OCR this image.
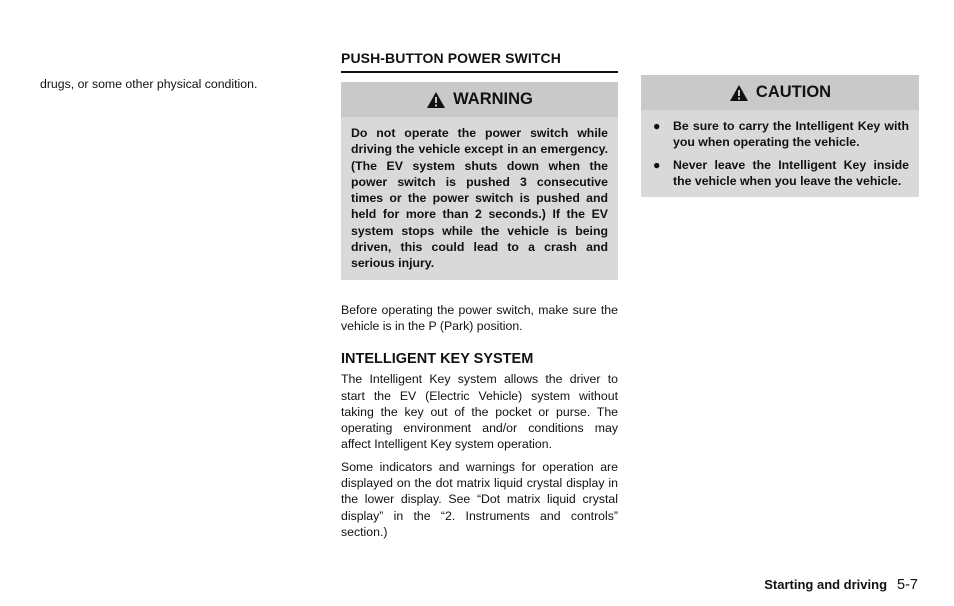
drugs, or some other physical condition.

PUSH-BUTTON POWER SWITCH
WARNING
Do not operate the power switch while driving the vehicle except in an emergency. (The EV system shuts down when the power switch is pushed 3 consecutive times or the power switch is pushed and held for more than 2 seconds.) If the EV system stops while the vehicle is being driven, this could lead to a crash and serious injury.

Before operating the power switch, make sure the vehicle is in the P (Park) position.

INTELLIGENT KEY SYSTEM

The Intelligent Key system allows the driver to start the EV (Electric Vehicle) system without taking the key out of the pocket or purse. The operating environment and/or conditions may affect Intelligent Key system operation.

Some indicators and warnings for operation are displayed on the dot matrix liquid crystal display in the lower display. See “Dot matrix liquid crystal display” in the “2. Instruments and controls” section.)

CAUTION
● Be sure to carry the Intelligent Key with you when operating the vehicle.
● Never leave the Intelligent Key inside the vehicle when you leave the vehicle.
Starting and driving 5-7
